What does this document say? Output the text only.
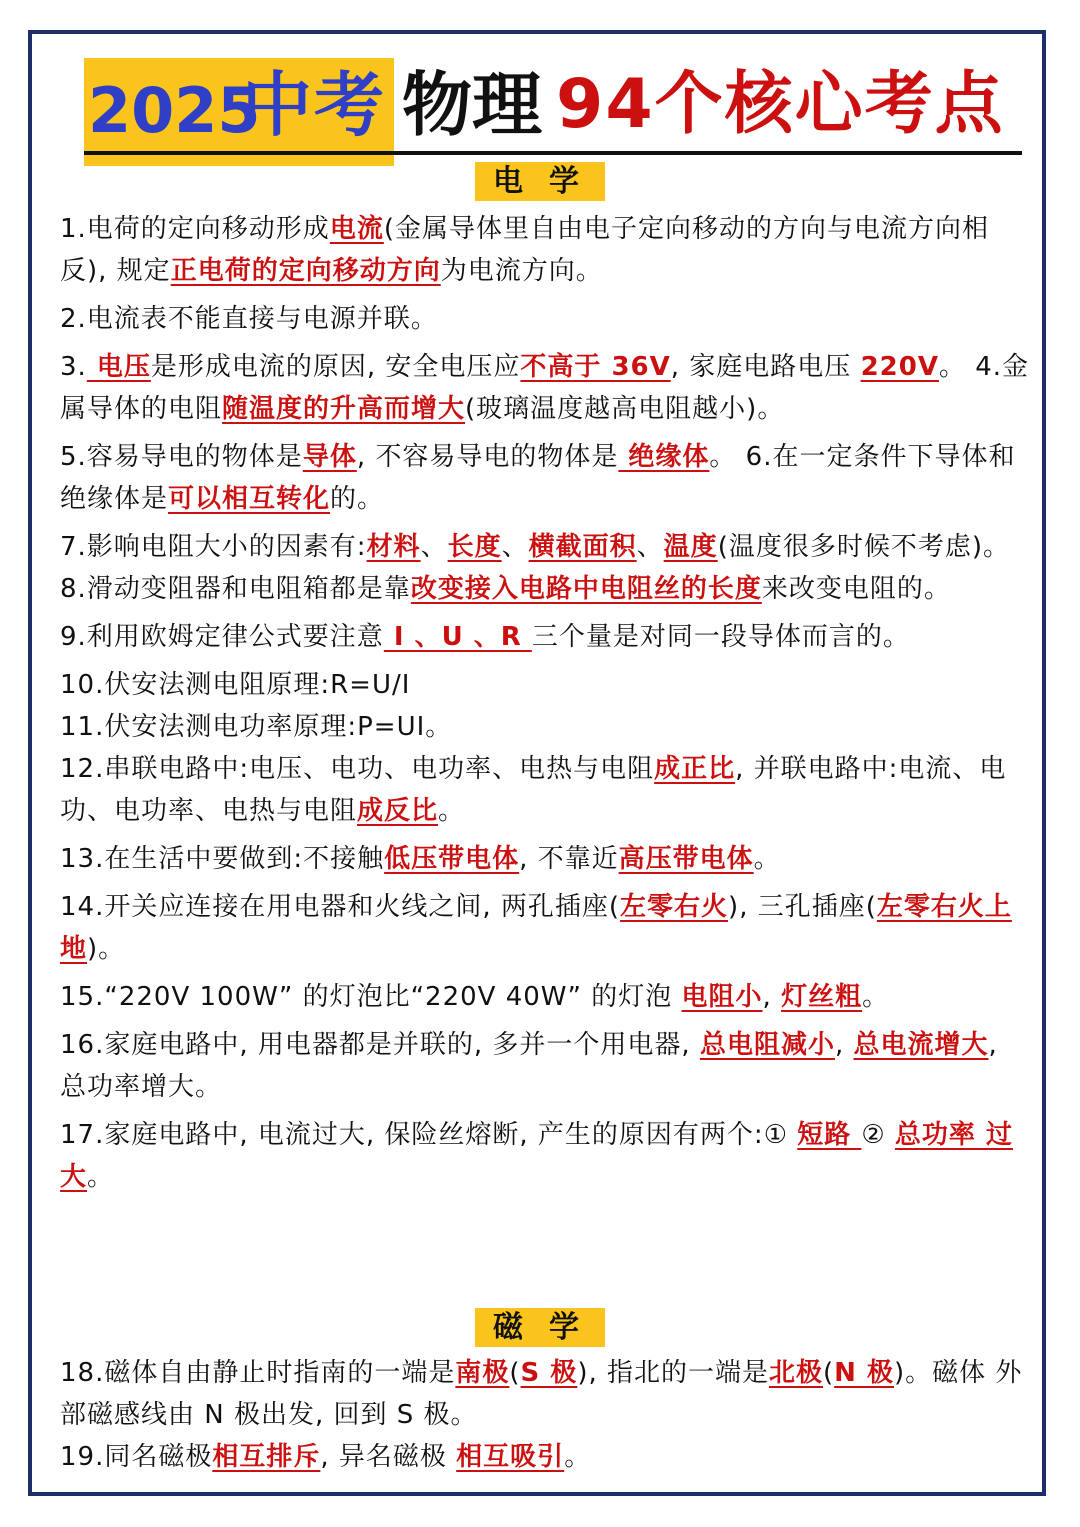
2025
中考 物理 94个核心考点
电学
1.电荷的定向移动形成电流(金属导体里自由电子定向移动的方向与电流方向相 反), 规定正电荷的定向移动方向为电流方向。
2.电流表不能直接与电源并联。
3. 电压是形成电流的原因, 安全电压应不高于 36V, 家庭电路电压 220V。 4.金属导体的电阻随温度的升高而增大(玻璃温度越高电阻越小)。
5.容易导电的物体是导体, 不容易导电的物体是 绝缘体。 6.在一定条件下导体和绝缘体是可以相互转化的。
7.影响电阻大小的因素有:材料、长度、横截面积、温度(温度很多时候不考虑)。 8.滑动变阻器和电阻箱都是靠改变接入电路中电阻丝的长度来改变电阻的。
9.利用欧姆定律公式要注意 I 、U 、R 三个量是对同一段导体而言的。
10.伏安法测电阻原理:R=U/I
11.伏安法测电功率原理:P=UI。
12.串联电路中:电压、电功、电功率、电热与电阻成正比, 并联电路中:电流、电功、电功率、电热与电阻成反比。
13.在生活中要做到:不接触低压带电体, 不靠近高压带电体。
14.开关应连接在用电器和火线之间, 两孔插座(左零右火), 三孔插座(左零右火上地)。
15.“220V 100W” 的灯泡比“220V 40W” 的灯泡 电阻小, 灯丝粗。
16.家庭电路中, 用电器都是并联的, 多并一个用电器, 总电阻减小, 总电流增大, 总功率增大。
17.家庭电路中, 电流过大, 保险丝熔断, 产生的原因有两个:① 短路 ② 总功率 过大。
磁学
18.磁体自由静止时指南的一端是南极(S 极), 指北的一端是北极(N 极)。磁体 外部磁感线由 N 极出发, 回到 S 极。
19.同名磁极相互排斥, 异名磁极 相互吸引。
